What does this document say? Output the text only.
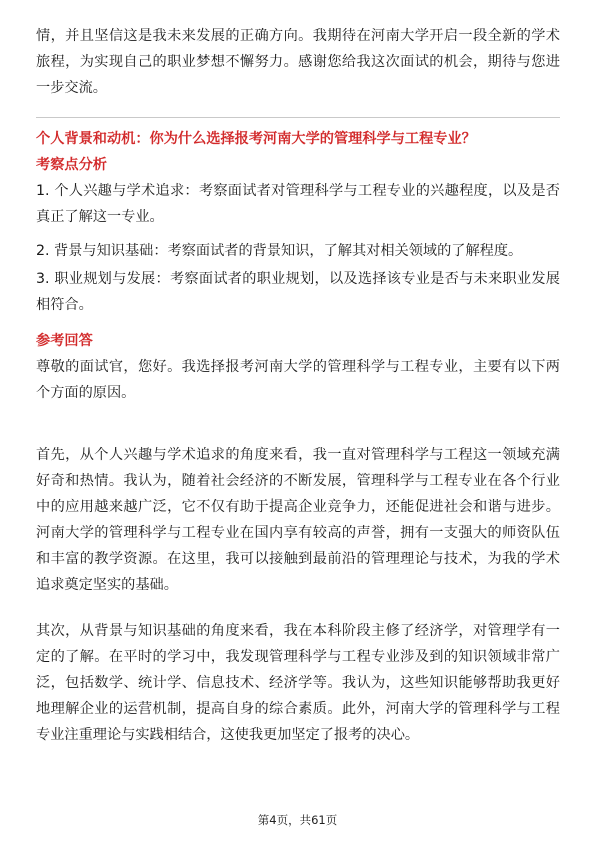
情，并且坚信这是我未来发展的正确方向。我期待在河南大学开启一段全新的学术旅程，为实现自己的职业梦想不懈努力。感谢您给我这次面试的机会，期待与您进一步交流。

个人背景和动机：你为什么选择报考河南大学的管理科学与工程专业？

考察点分析

1. 个人兴趣与学术追求：考察面试者对管理科学与工程专业的兴趣程度，以及是否真正了解这一专业。

2. 背景与知识基础：考察面试者的背景知识，了解其对相关领域的了解程度。

3. 职业规划与发展：考察面试者的职业规划，以及选择该专业是否与未来职业发展相符合。

参考回答

尊敬的面试官，您好。我选择报考河南大学的管理科学与工程专业，主要有以下两个方面的原因。

首先，从个人兴趣与学术追求的角度来看，我一直对管理科学与工程这一领域充满好奇和热情。我认为，随着社会经济的不断发展，管理科学与工程专业在各个行业中的应用越来越广泛，它不仅有助于提高企业竞争力，还能促进社会和谐与进步。河南大学的管理科学与工程专业在国内享有较高的声誉，拥有一支强大的师资队伍和丰富的教学资源。在这里，我可以接触到最前沿的管理理论与技术，为我的学术追求奠定坚实的基础。

其次，从背景与知识基础的角度来看，我在本科阶段主修了经济学，对管理学有一定的了解。在平时的学习中，我发现管理科学与工程专业涉及到的知识领域非常广泛，包括数学、统计学、信息技术、经济学等。我认为，这些知识能够帮助我更好地理解企业的运营机制，提高自身的综合素质。此外，河南大学的管理科学与工程专业注重理论与实践相结合，这使我更加坚定了报考的决心。

第4页，共61页
